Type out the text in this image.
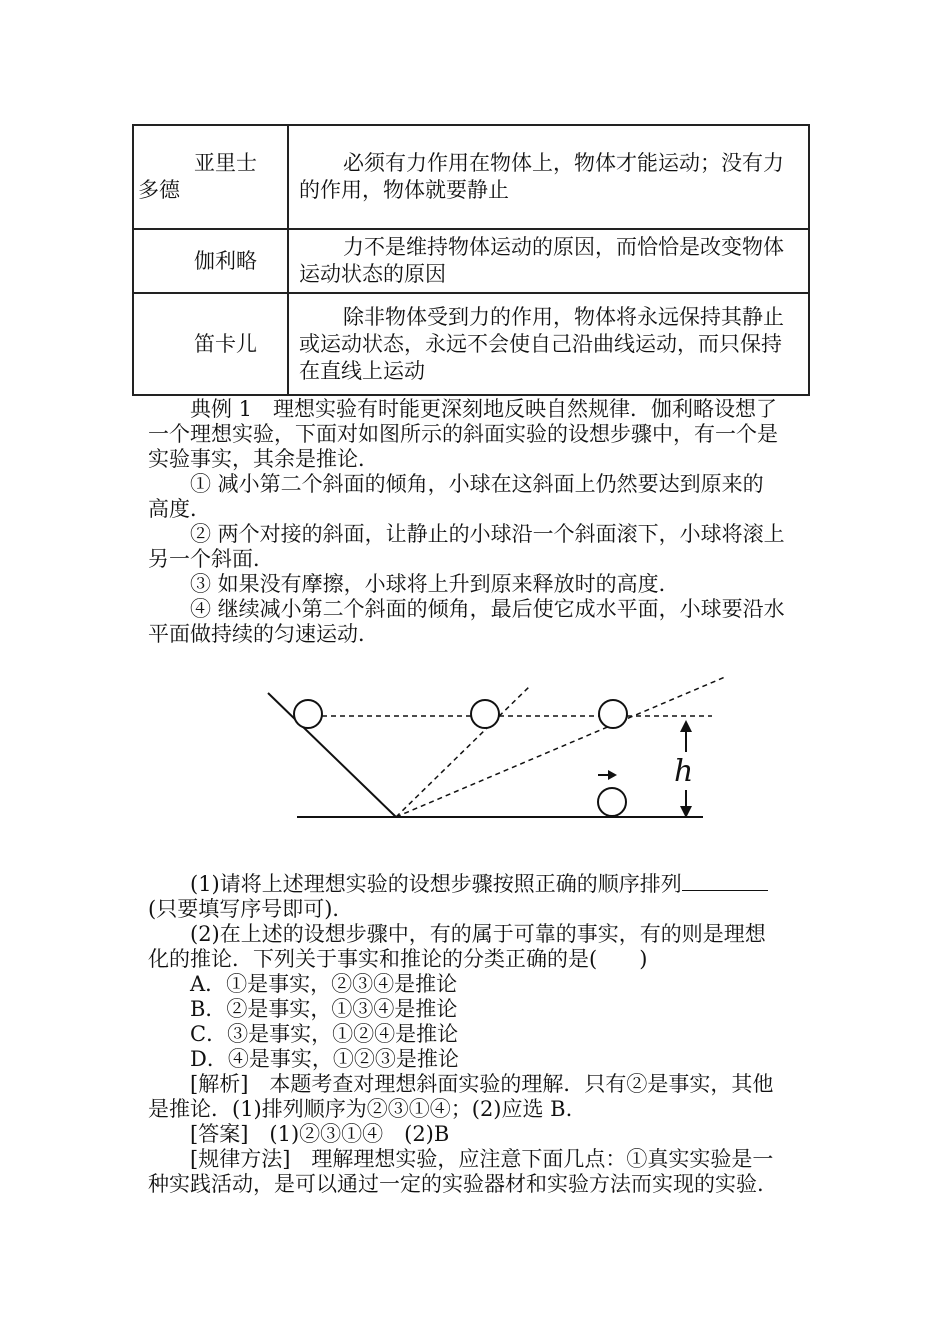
亚里士
多德	必须有力作用在物体上，物体才能运动；没有力
的作用，物体就要静止

伽利略	力不是维持物体运动的原因，而恰恰是改变物体
运动状态的原因

笛卡儿	除非物体受到力的作用，物体将永远保持其静止
或运动状态，永远不会使自己沿曲线运动，而只保持
在直线上运动
典例 1　理想实验有时能更深刻地反映自然规律．伽利略设想了
一个理想实验，下面对如图所示的斜面实验的设想步骤中，有一个是
实验事实，其余是推论．
① 减小第二个斜面的倾角，小球在这斜面上仍然要达到原来的
高度．
② 两个对接的斜面，让静止的小球沿一个斜面滚下，小球将滚上
另一个斜面．
③ 如果没有摩擦，小球将上升到原来释放时的高度．
④ 继续减小第二个斜面的倾角，最后使它成水平面，小球要沿水
平面做持续的匀速运动．
h
(1)请将上述理想实验的设想步骤按照正确的顺序排列
(只要填写序号即可)．
(2)在上述的设想步骤中，有的属于可靠的事实，有的则是理想
化的推论．下列关于事实和推论的分类正确的是(　　)
A．①是事实，②③④是推论
B．②是事实，①③④是推论
C．③是事实，①②④是推论
D．④是事实，①②③是推论
[解析]　本题考查对理想斜面实验的理解．只有②是事实，其他
是推论．(1)排列顺序为②③①④；(2)应选 B.
[答案]　(1)②③①④　(2)B
[规律方法]　理解理想实验，应注意下面几点：①真实实验是一
种实践活动，是可以通过一定的实验器材和实验方法而实现的实验.
